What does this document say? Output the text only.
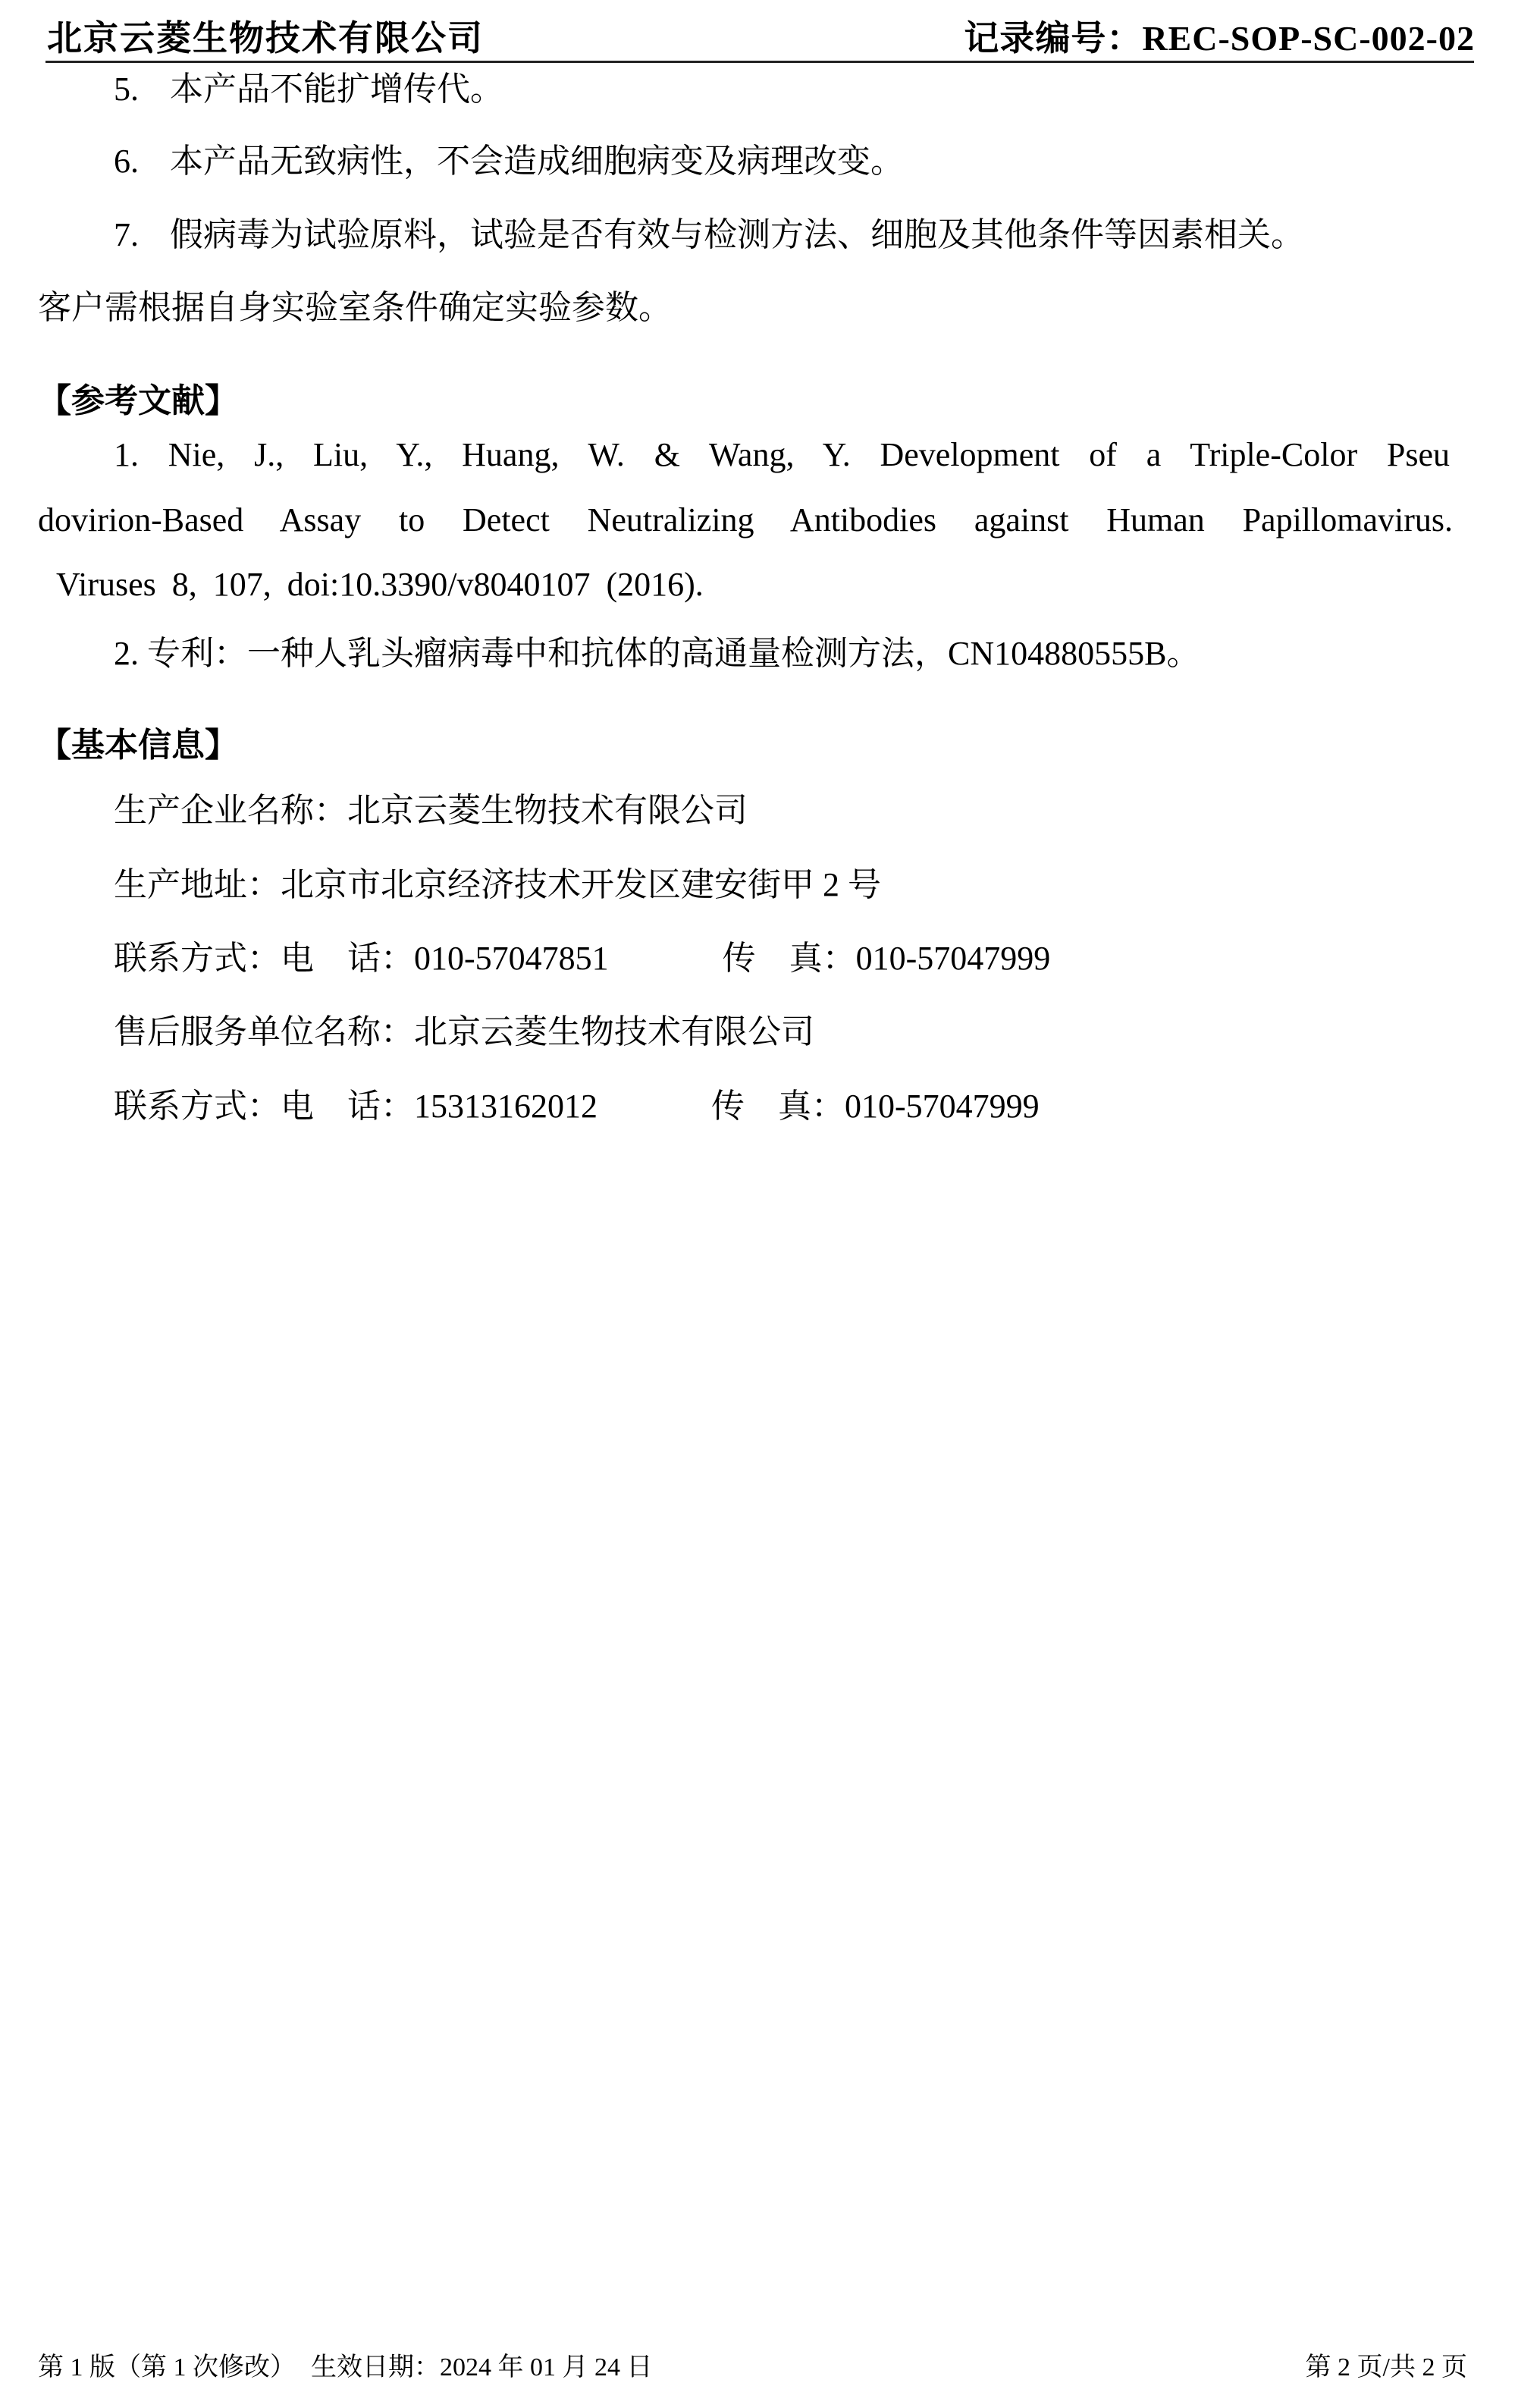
北京云菱生物技术有限公司	记录编号：REC-SOP-SC-002-02
5. 本产品不能扩增传代。
6. 本产品无致病性，不会造成细胞病变及病理改变。
7. 假病毒为试验原料，试验是否有效与检测方法、细胞及其他条件等因素相关。
客户需根据自身实验室条件确定实验参数。
【参考文献】
1. Nie, J., Liu, Y., Huang, W. & Wang, Y. Development of a Triple-Color Pseu
dovirion-Based Assay to Detect Neutralizing Antibodies against Human Papillomavirus.
Viruses 8, 107, doi:10.3390/v8040107 (2016).
2. 专利：一种人乳头瘤病毒中和抗体的高通量检测方法，CN104880555B。
【基本信息】
生产企业名称：北京云菱生物技术有限公司
生产地址：北京市北京经济技术开发区建安街甲 2 号
联系方式：电　话：010-57047851	传　真：010-57047999
售后服务单位名称：北京云菱生物技术有限公司
联系方式：电　话：15313162012	传　真：010-57047999
第 1 版（第 1 次修改） 生效日期：2024 年 01 月 24 日	第 2 页/共 2 页
